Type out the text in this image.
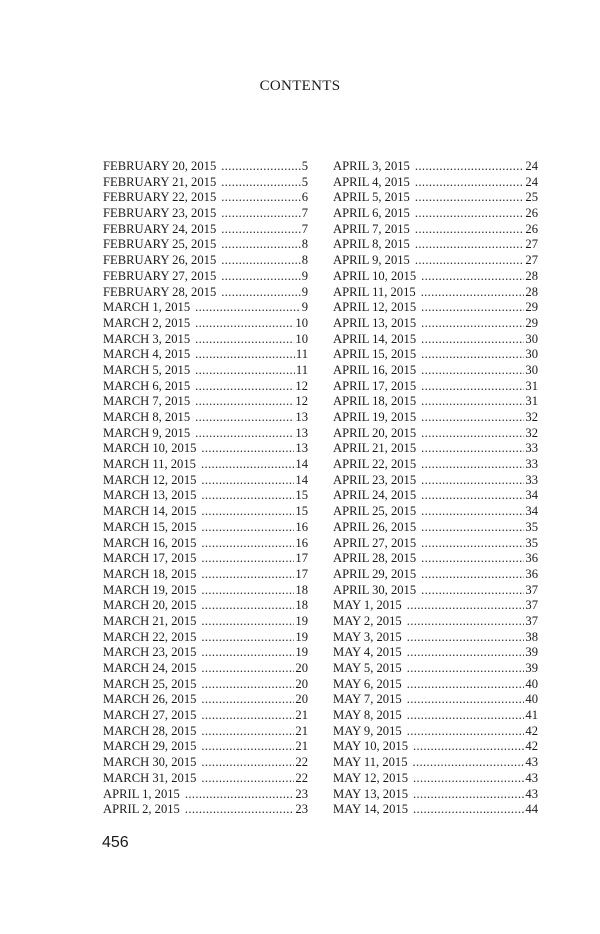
CONTENTS
FEBRUARY 20, 2015 . . .	5
FEBRUARY 21, 2015 . . .	5
FEBRUARY 22, 2015 . . .	6
FEBRUARY 23, 2015 . . .	7
FEBRUARY 24, 2015 . . .	7
FEBRUARY 25, 2015 . . .	8
FEBRUARY 26, 2015 . . .	8
FEBRUARY 27, 2015 . . .	9
FEBRUARY 28, 2015 . . .	9
MARCH 1, 2015 . . .	9
MARCH 2, 2015 . . .	10
MARCH 3, 2015 . . .	10
MARCH 4, 2015 . . .	11
MARCH 5, 2015 . . .	11
MARCH 6, 2015 . . .	12
MARCH 7, 2015 . . .	12
MARCH 8, 2015 . . .	13
MARCH 9, 2015 . . .	13
MARCH 10, 2015 . . .	13
MARCH 11, 2015 . . .	14
MARCH 12, 2015 . . .	14
MARCH 13, 2015 . . .	15
MARCH 14, 2015 . . .	15
MARCH 15, 2015 . . .	16
MARCH 16, 2015 . . .	16
MARCH 17, 2015 . . .	17
MARCH 18, 2015 . . .	17
MARCH 19, 2015 . . .	18
MARCH 20, 2015 . . .	18
MARCH 21, 2015 . . .	19
MARCH 22, 2015 . . .	19
MARCH 23, 2015 . . .	19
MARCH 24, 2015 . . .	20
MARCH 25, 2015 . . .	20
MARCH 26, 2015 . . .	20
MARCH 27, 2015 . . .	21
MARCH 28, 2015 . . .	21
MARCH 29, 2015 . . .	21
MARCH 30, 2015 . . .	22
MARCH 31, 2015 . . .	22
APRIL 1, 2015 . . .	23
APRIL 2, 2015 . . .	23
APRIL 3, 2015 . . .	24
APRIL 4, 2015 . . .	24
APRIL 5, 2015 . . .	25
APRIL 6, 2015 . . .	26
APRIL 7, 2015 . . .	26
APRIL 8, 2015 . . .	27
APRIL 9, 2015 . . .	27
APRIL 10, 2015 . . .	28
APRIL 11, 2015 . . .	28
APRIL 12, 2015 . . .	29
APRIL 13, 2015 . . .	29
APRIL 14, 2015 . . .	30
APRIL 15, 2015 . . .	30
APRIL 16, 2015 . . .	30
APRIL 17, 2015 . . .	31
APRIL 18, 2015 . . .	31
APRIL 19, 2015 . . .	32
APRIL 20, 2015 . . .	32
APRIL 21, 2015 . . .	33
APRIL 22, 2015 . . .	33
APRIL 23, 2015 . . .	33
APRIL 24, 2015 . . .	34
APRIL 25, 2015 . . .	34
APRIL 26, 2015 . . .	35
APRIL 27, 2015 . . .	35
APRIL 28, 2015 . . .	36
APRIL 29, 2015 . . .	36
APRIL 30, 2015 . . .	37
MAY 1, 2015 . . .	37
MAY 2, 2015 . . .	37
MAY 3, 2015 . . .	38
MAY 4, 2015 . . .	39
MAY 5, 2015 . . .	39
MAY 6, 2015 . . .	40
MAY 7, 2015 . . .	40
MAY 8, 2015 . . .	41
MAY 9, 2015 . . .	42
MAY 10, 2015 . . .	42
MAY 11, 2015 . . .	43
MAY 12, 2015 . . .	43
MAY 13, 2015 . . .	43
MAY 14, 2015 . . .	44
456
